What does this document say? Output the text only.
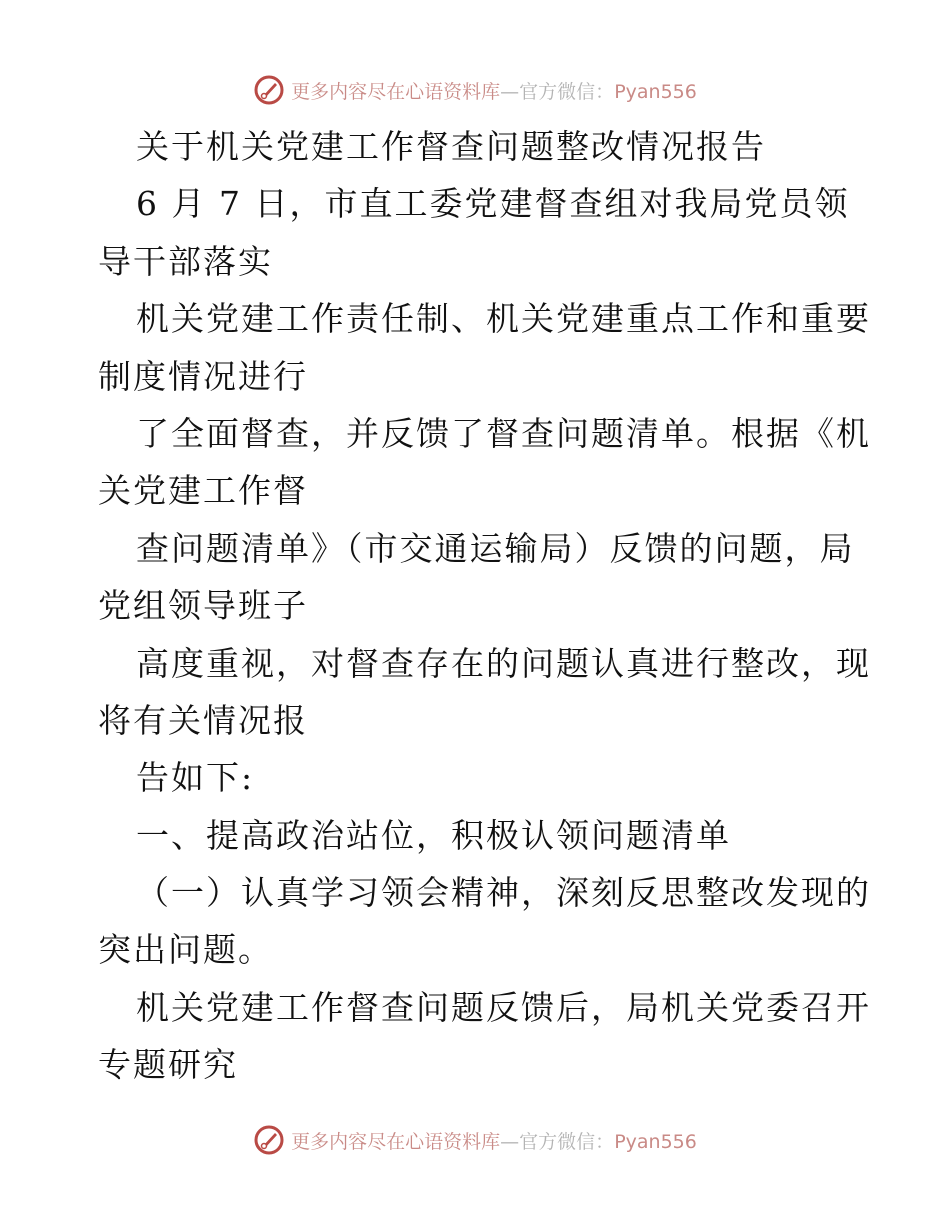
更多内容尽在心语资料库—官方微信：Pyan556
关于机关党建工作督查问题整改情况报告
6 月 7 日，市直工委党建督查组对我局党员领
导干部落实
机关党建工作责任制、机关党建重点工作和重要
制度情况进行
了全面督查，并反馈了督查问题清单。根据《机
关党建工作督
查问题清单》（市交通运输局）反馈的问题，局
党组领导班子
高度重视，对督查存在的问题认真进行整改，现
将有关情况报
告如下:
一、提高政治站位，积极认领问题清单
（一）认真学习领会精神，深刻反思整改发现的
突出问题。
机关党建工作督查问题反馈后，局机关党委召开
专题研究
更多内容尽在心语资料库—官方微信：Pyan556
